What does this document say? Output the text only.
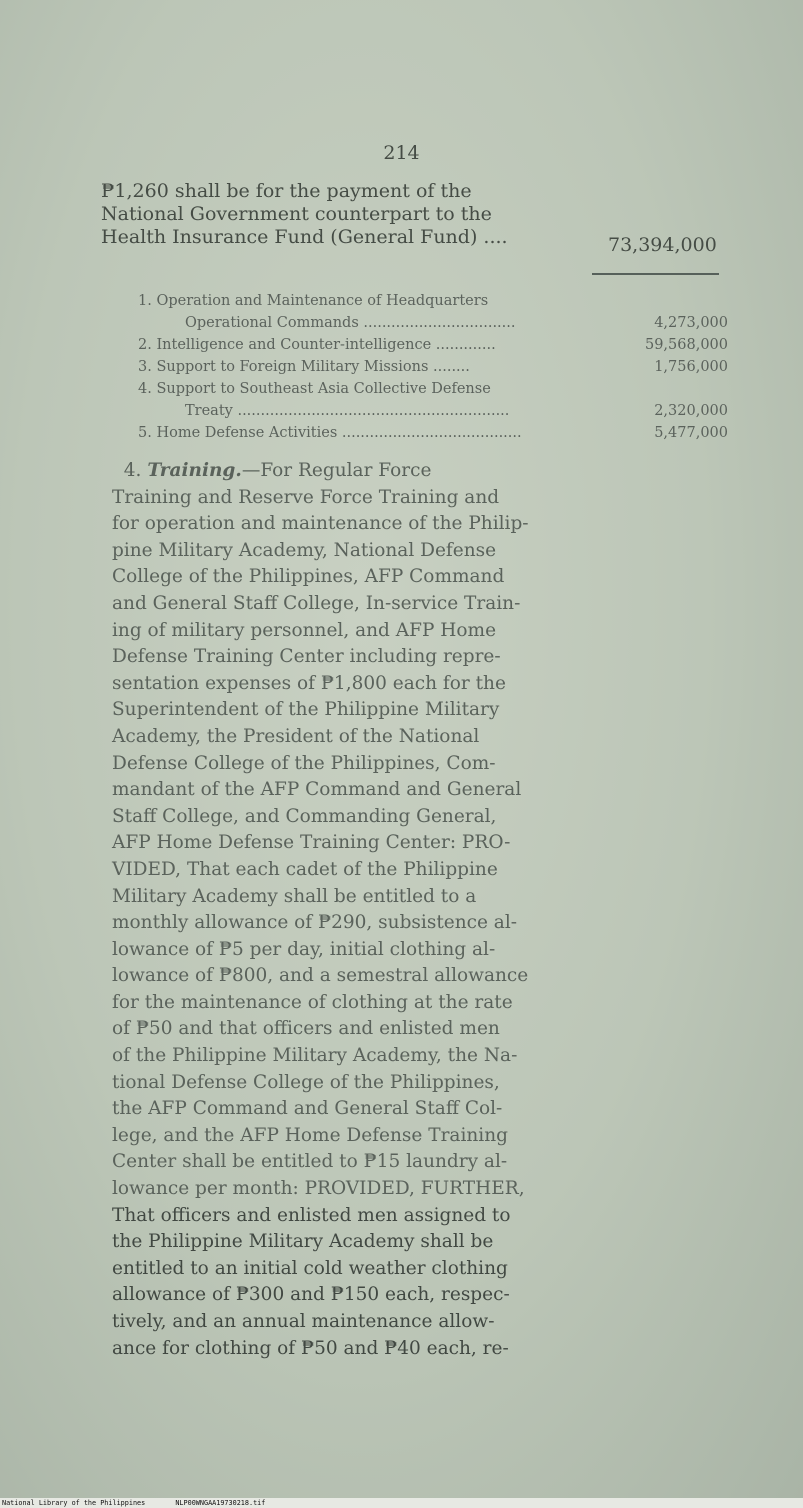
214
₱1,260 shall be for the payment of the
National Government counterpart to the
Health Insurance Fund (General Fund) ....	73,394,000
1. Operation and Maintenance of Headquarters
Operational Commands .................................	4,273,000
2. Intelligence and Counter-intelligence .............	59,568,000
3. Support to Foreign Military Missions ........	1,756,000
4. Support to Southeast Asia Collective Defense
Treaty ...........................................................	2,320,000
5. Home Defense Activities .......................................	5,477,000
4. Training.—For Regular Force
Training and Reserve Force Training and
for operation and maintenance of the Philip-
pine Military Academy, National Defense
College of the Philippines, AFP Command
and General Staff College, In-service Train-
ing of military personnel, and AFP Home
Defense Training Center including repre-
sentation expenses of ₱1,800 each for the
Superintendent of the Philippine Military
Academy, the President of the National
Defense College of the Philippines, Com-
mandant of the AFP Command and General
Staff College, and Commanding General,
AFP Home Defense Training Center: PRO-
VIDED, That each cadet of the Philippine
Military Academy shall be entitled to a
monthly allowance of ₱290, subsistence al-
lowance of ₱5 per day, initial clothing al-
lowance of ₱800, and a semestral allowance
for the maintenance of clothing at the rate
of ₱50 and that officers and enlisted men
of the Philippine Military Academy, the Na-
tional Defense College of the Philippines,
the AFP Command and General Staff Col-
lege, and the AFP Home Defense Training
Center shall be entitled to ₱15 laundry al-
lowance per month: PROVIDED, FURTHER,
That officers and enlisted men assigned to
the Philippine Military Academy shall be
entitled to an initial cold weather clothing
allowance of ₱300 and ₱150 each, respec-
tively, and an annual maintenance allow-
ance for clothing of ₱50 and ₱40 each, re-
National Library of the Philippines	NLP00WNGAA19730218.tif
